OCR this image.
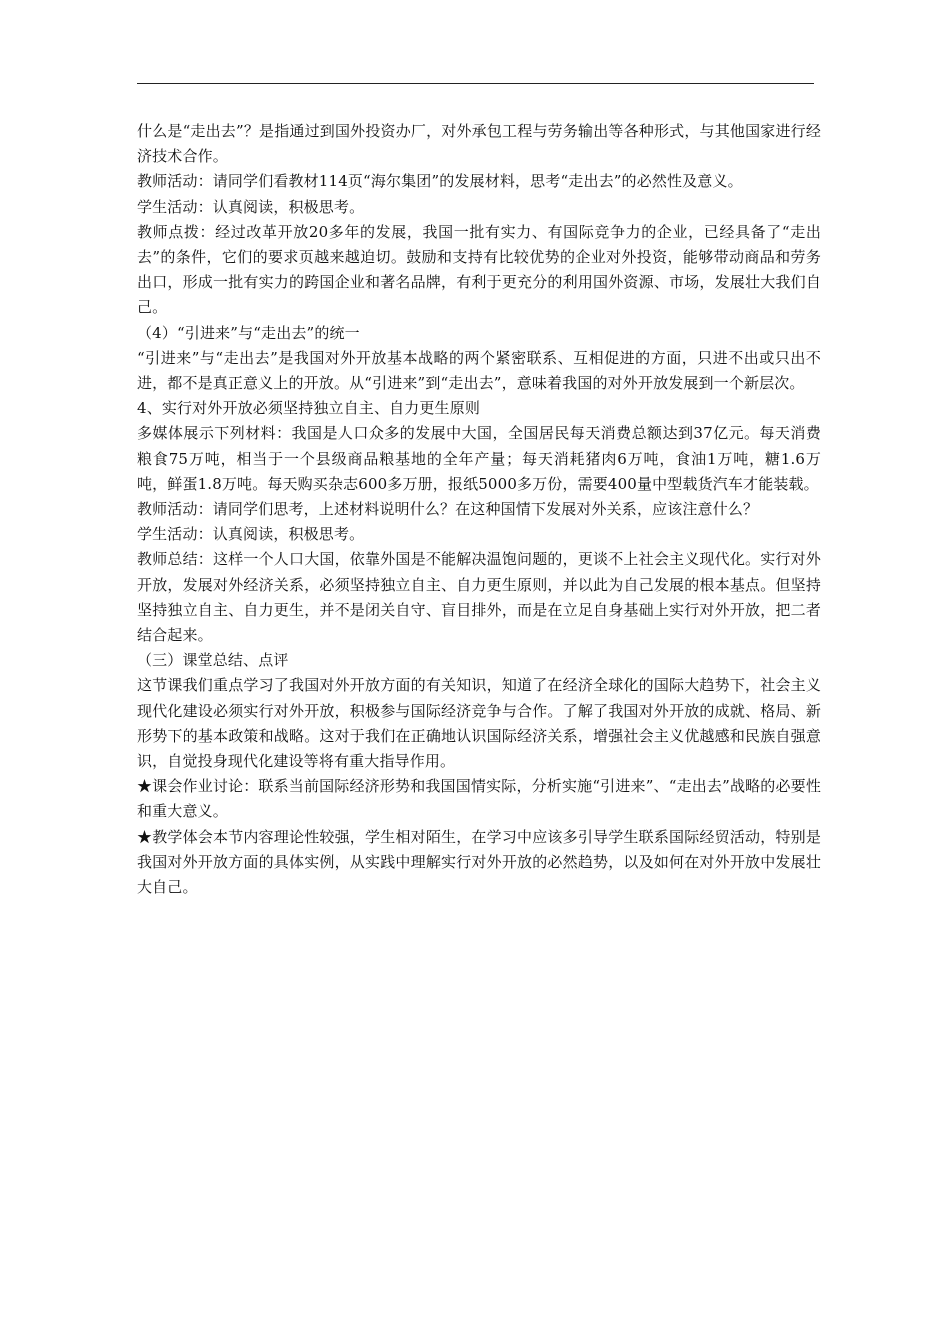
什么是“走出去”？是指通过到国外投资办厂，对外承包工程与劳务输出等各种形式，与其他国家进行经济技术合作。

教师活动：请同学们看教材114页“海尔集团”的发展材料，思考“走出去”的必然性及意义。

学生活动：认真阅读，积极思考。

教师点拨：经过改革开放20多年的发展，我国一批有实力、有国际竞争力的企业，已经具备了“走出去”的条件，它们的要求页越来越迫切。鼓励和支持有比较优势的企业对外投资，能够带动商品和劳务出口，形成一批有实力的跨国企业和著名品牌，有利于更充分的利用国外资源、市场，发展壮大我们自己。

（4）“引进来”与“走出去”的统一

“引进来”与“走出去”是我国对外开放基本战略的两个紧密联系、互相促进的方面，只进不出或只出不进，都不是真正意义上的开放。从“引进来”到“走出去”，意味着我国的对外开放发展到一个新层次。

4、实行对外开放必须坚持独立自主、自力更生原则

多媒体展示下列材料：我国是人口众多的发展中大国，全国居民每天消费总额达到37亿元。每天消费粮食75万吨，相当于一个县级商品粮基地的全年产量；每天消耗猪肉6万吨，食油1万吨，糖1.6万吨，鲜蛋1.8万吨。每天购买杂志600多万册，报纸5000多万份，需要400量中型载货汽车才能装载。

教师活动：请同学们思考，上述材料说明什么？在这种国情下发展对外关系，应该注意什么？

学生活动：认真阅读，积极思考。

教师总结：这样一个人口大国，依靠外国是不能解决温饱问题的，更谈不上社会主义现代化。实行对外开放，发展对外经济关系，必须坚持独立自主、自力更生原则，并以此为自己发展的根本基点。但坚持坚持独立自主、自力更生，并不是闭关自守、盲目排外，而是在立足自身基础上实行对外开放，把二者结合起来。

（三）课堂总结、点评

这节课我们重点学习了我国对外开放方面的有关知识，知道了在经济全球化的国际大趋势下，社会主义现代化建设必须实行对外开放，积极参与国际经济竞争与合作。了解了我国对外开放的成就、格局、新形势下的基本政策和战略。这对于我们在正确地认识国际经济关系，增强社会主义优越感和民族自强意识，自觉投身现代化建设等将有重大指导作用。

★课会作业讨论：联系当前国际经济形势和我国国情实际，分析实施“引进来”、“走出去”战略的必要性和重大意义。

★教学体会本节内容理论性较强，学生相对陌生，在学习中应该多引导学生联系国际经贸活动，特别是我国对外开放方面的具体实例，从实践中理解实行对外开放的必然趋势，以及如何在对外开放中发展壮大自己。
